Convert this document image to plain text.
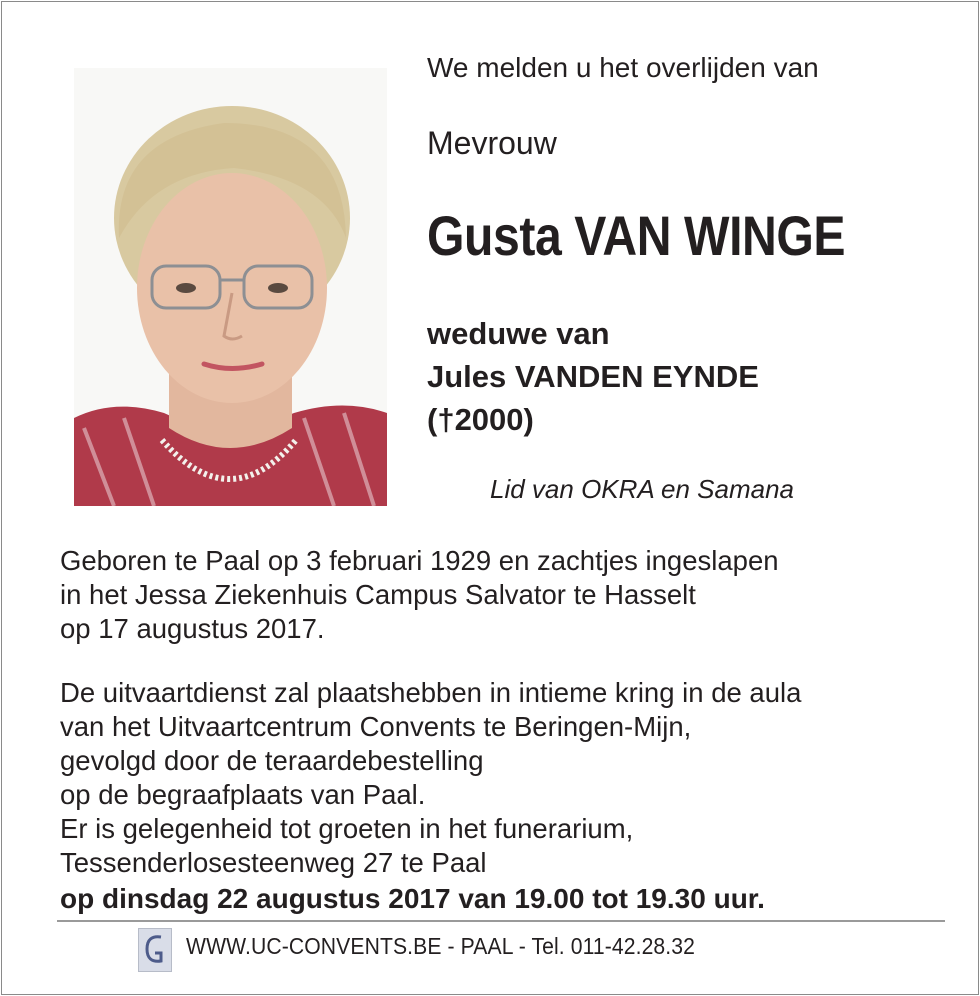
We melden u het overlijden van
Mevrouw
Gusta VAN WINGE
weduwe van
Jules VANDEN EYNDE
(†2000)
Lid van OKRA en Samana
Geboren te Paal op 3 februari 1929 en zachtjes ingeslapen
in het Jessa Ziekenhuis Campus Salvator te Hasselt
op 17 augustus 2017.
De uitvaartdienst zal plaatshebben in intieme kring in de aula
van het Uitvaartcentrum Convents te Beringen-Mijn,
gevolgd door de teraardebestelling
op de begraafplaats van Paal.
Er is gelegenheid tot groeten in het funerarium,
Tessenderlosesteenweg 27 te Paal
op dinsdag 22 augustus 2017 van 19.00 tot 19.30 uur.
WWW.UC-CONVENTS.BE - PAAL - Tel. 011-42.28.32
